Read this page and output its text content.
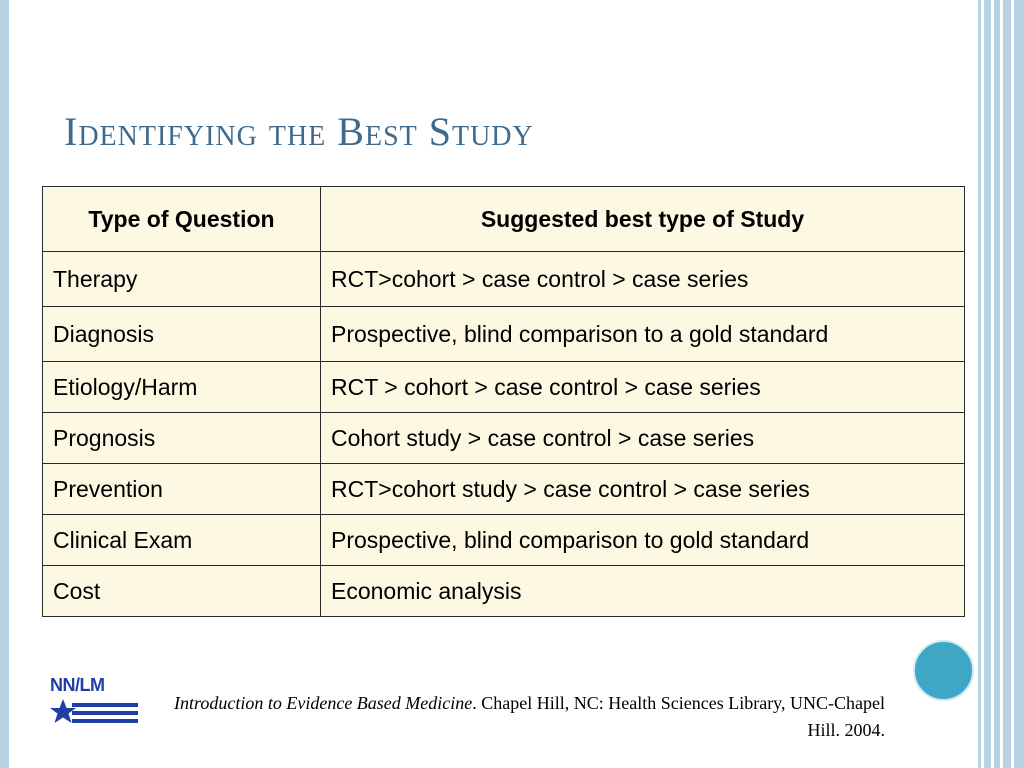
Identifying the Best Study
Type of Question	Suggested best type of Study
Therapy	RCT>cohort > case control > case series
Diagnosis	Prospective, blind comparison to a gold standard
Etiology/Harm	RCT > cohort > case control > case series
Prognosis	Cohort study > case control > case series
Prevention	RCT>cohort study > case control > case series
Clinical Exam	Prospective, blind comparison to gold standard
Cost	Economic analysis
NN/LM
Introduction to Evidence Based Medicine. Chapel Hill, NC: Health Sciences Library, UNC-Chapel Hill. 2004.
